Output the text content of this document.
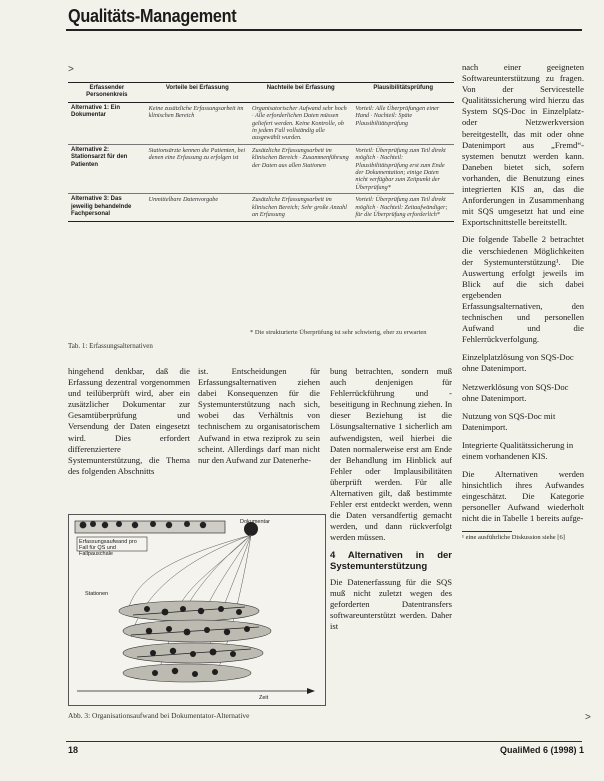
Qualitäts-Management
>
>
Erfassender Personenkreis	Vorteile bei Erfassung	Nachteile bei Erfassung	Plausibilitätsprüfung
Alternative 1: Ein Dokumentar	Keine zusätzliche Erfassungsarbeit im klinischen Bereich	Organisatorischer Aufwand sehr hoch · Alle erforderlichen Daten müssen geliefert werden. Keine Kontrolle, ob in jedem Fall vollständig alle ausgewählt wurden.	Vorteil: Alle Überprüfungen einer Hand · Nachteil: Späte Plausibilitätsprüfung
Alternative 2: Stationsarzt für den Patienten	Stationsärzte kennen die Patienten, bei denen eine Erfassung zu erfolgen ist	Zusätzliche Erfassungsarbeit im klinischen Bereich · Zusammenführung der Daten aus allen Stationen	Vorteil: Überprüfung zum Teil direkt möglich · Nachteil: Plausibilitätsprüfung erst zum Ende der Dokumentation; einige Daten nicht verfügbar zum Zeitpunkt der Überprüfung*
Alternative 3: Das jeweilig behandelnde Fachpersonal	Unmittelbare Datenvorgabe	Zusätzliche Erfassungsarbeit im klinischen Bereich; Sehr große Anzahl an Erfassung	Vorteil: Überprüfung zum Teil direkt möglich · Nachteil: Zeitaufwändiger; für die Überprüfung erforderlich*
* Die strukturierte Überprüfung ist sehr schwierig, eher zu erwarten
Tab. 1: Erfassungsalternativen

hingehend denkbar, daß die Erfassung dezentral vorgenommen und teilüberprüft wird, aber ein zusätzlicher Dokumentar zur Gesamtüberprüfung und Versendung der Daten eingesetzt wird. Dies erfordert differenziertere Systemunterstützung, die Thema des folgenden Abschnitts

ist. Entscheidungen für Erfassungsalternativen ziehen dabei Konsequenzen für die Systemunterstützung nach sich, wobei das Verhältnis von technischem zu organisatorischem Aufwand in etwa reziprok zu sein scheint. Allerdings darf man nicht nur den Aufwand zur Datenerhe-

bung betrachten, sondern muß auch denjenigen für Fehlerrückführung und -beseitigung in Rechnung ziehen. In dieser Beziehung ist die Lösungsalternative 1 sicherlich am aufwendigsten, weil hierbei die Daten normalerweise erst am Ende der Behandlung im Hinblick auf Fehler oder Implausibilitäten überprüft werden. Für alle Alternativen gilt, daß bestimmte Fehler erst entdeckt werden, wenn die Daten versandfertig gemacht werden, und dann rückverfolgt werden müssen.

4 Alternativen in der Systemunterstützung

Die Datenerfassung für die SQS muß nicht zuletzt wegen des geforderten Datentransfers softwareunterstützt werden. Daher ist

nach einer geeigneten Softwareunterstützung zu fragen. Von der Servicestelle Qualitätssicherung wird hierzu das System SQS-Doc in Einzelplatz- oder Netzwerkversion bereitgestellt, das mit oder ohne Datenimport aus „Fremd“-systemen benutzt werden kann. Daneben bietet sich, sofern vorhanden, die Benutzung eines integrierten KIS an, das die Anforderungen in Zusammenhang mit SQS umgesetzt hat und eine Exportschnittstelle bereitstellt.

Die folgende Tabelle 2 betrachtet die verschiedenen Möglichkeiten der Systemunterstützung¹. Die Auswertung erfolgt jeweils im Blick auf die sich dabei ergebenden Erfassungsalternativen, den technischen und personellen Aufwand und die Fehlerrückverfolgung.

Einzelplatzlösung von SQS-Doc ohne Datenimport.

Netzwerklösung von SQS-Doc ohne Datenimport.

Nutzung von SQS-Doc mit Datenimport.

Integrierte Qualitätssicherung in einem vorhandenen KIS.

Die Alternativen werden hinsichtlich ihres Aufwandes eingeschätzt. Die Kategorie personeller Aufwand wiederholt nicht die in Tabelle 1 bereits aufge-

¹ eine ausführliche Diskussion siehe [6]
Dokumentar
Erfassungsaufwand pro Fall für QS und Fallpauschale
Stationen
Zeit
Abb. 3: Organisationsaufwand bei Dokumentator-Alternative
18	QualiMed 6 (1998) 1
